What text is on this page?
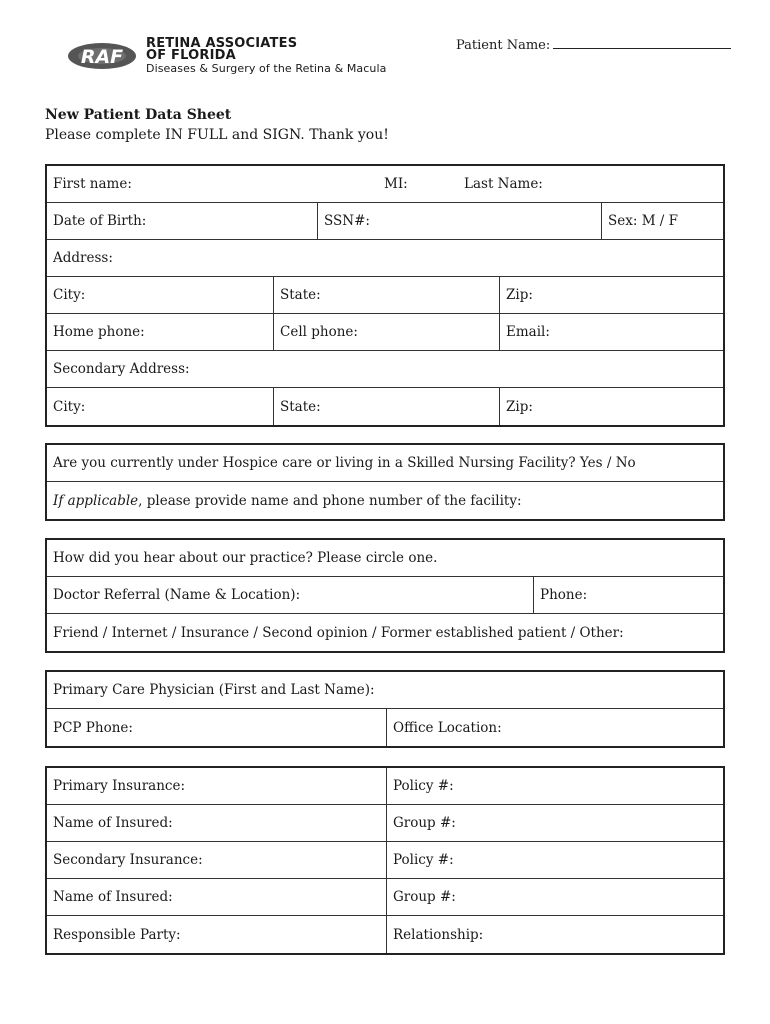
RAF
RETINA ASSOCIATES
OF FLORIDA
Diseases & Surgery of the Retina & Macula
Patient Name:
New Patient Data Sheet
Please complete IN FULL and SIGN. Thank you!
First name:	MI:	Last Name:
Date of Birth:	SSN#:	Sex: M / F
Address:
City:	State:	Zip:
Home phone:	Cell phone:	Email:
Secondary Address:
City:	State:	Zip:
Are you currently under Hospice care or living in a Skilled Nursing Facility? Yes / No
If applicable , please provide name and phone number of the facility:
How did you hear about our practice? Please circle one.
Doctor Referral (Name & Location):	Phone:
Friend / Internet / Insurance / Second opinion / Former established patient / Other:
Primary Care Physician (First and Last Name):
PCP Phone:	Office Location:
Primary Insurance:	Policy #:
Name of Insured:	Group #:
Secondary Insurance:	Policy #:
Name of Insured:	Group #:
Responsible Party:	Relationship:
